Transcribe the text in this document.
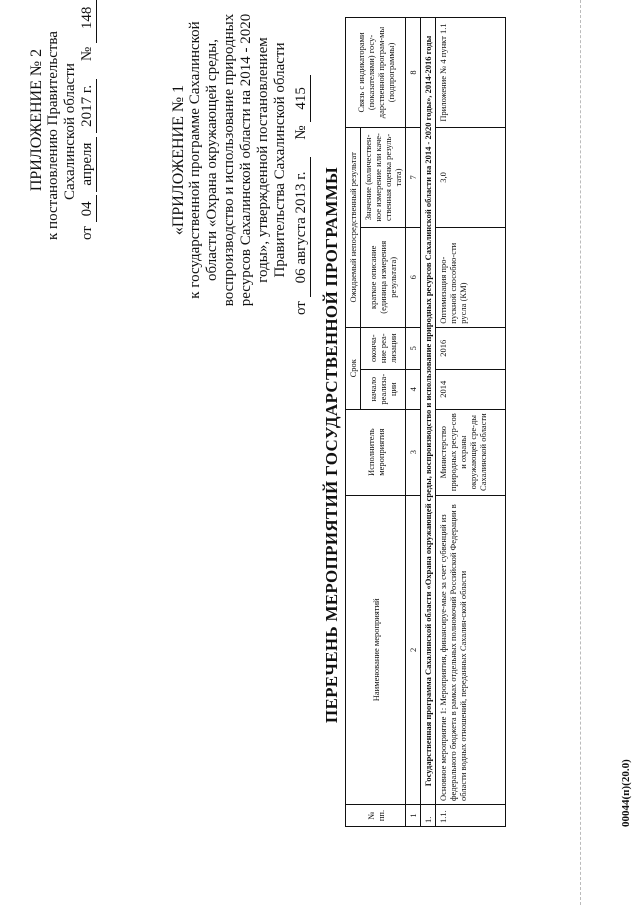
ПРИЛОЖЕНИЕ № 2 к постановлению Правительства Сахалинской области
от 04 апреля 2017 г. № 148
«ПРИЛОЖЕНИЕ № 1 к государственной программе Сахалинской области «Охрана окружающей среды, воспроизводство и использование природных ресурсов Сахалинской области на 2014 - 2020 годы», утвержденной постановлением Правительства Сахалинской области
от 06 августа 2013 г. № 415
ПЕРЕЧЕНЬ МЕРОПРИЯТИЙ ГОСУДАРСТВЕННОЙ ПРОГРАММЫ
№ пп.	Наименование мероприятий	Исполнитель мероприятия	Срок		Ожидаемый непосредственный результат		Связь с индикаторами (показателями) госу-дарственной програм-мы (подпрограммы)
			начало реализа-ции	оконча-ние реа-лизации	краткое описание (единица измерения результата)	Значение (количествен-ное измерение или каче-ственная оценка резуль-тата)	
1	2	3	4	5	6	7	8
1.	Государственная программа Сахалинской области «Охрана окружающей среды, воспроизводство и использование природных ресурсов Сахалинской области на 2014 - 2020 годы», 2014-2016 годы						
1.1.	Основное мероприятие 1: Мероприятия, финансируе-мые за счет субвенций из федерального бюджета в рамках отдельных полномочий Российской Федерации в области водных отношений, переданных Сахалин-ской области	Министерство природных ресур-сов и охраны окружающей сре-ды Сахалинской области	2014	2016	Оптимизация про-пускной способно-сти русла (КМ)	3,0	Приложение № 4 пункт 1.1
00044(п)(20.0)
